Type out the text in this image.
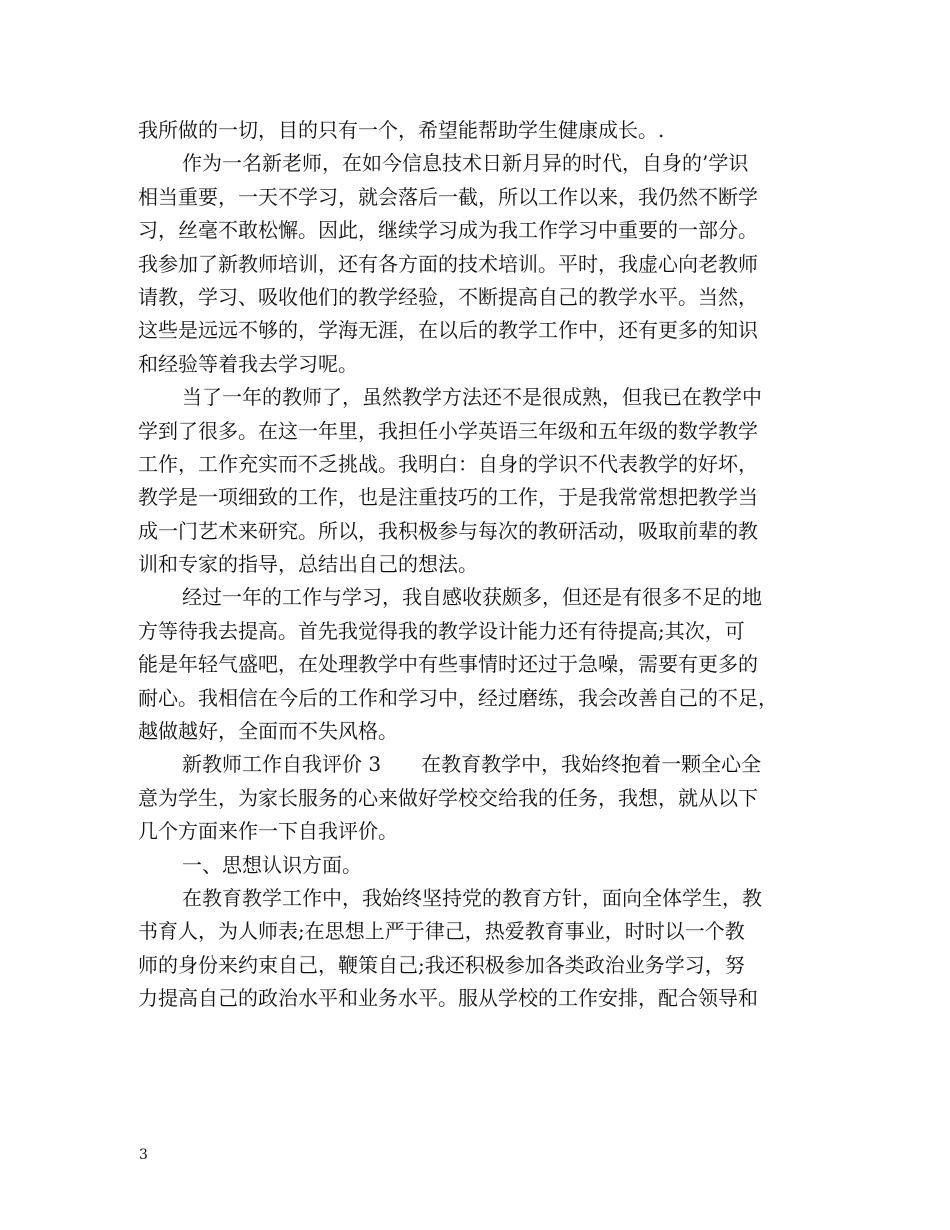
我所做的一切，目的只有一个，希望能帮助学生健康成长。.
作为一名新老师，在如今信息技术日新月异的时代，自身的’学识
相当重要，一天不学习，就会落后一截，所以工作以来，我仍然不断学
习，丝毫不敢松懈。因此，继续学习成为我工作学习中重要的一部分。
我参加了新教师培训，还有各方面的技术培训。平时，我虚心向老教师
请教，学习、吸收他们的教学经验，不断提高自己的教学水平。当然，
这些是远远不够的，学海无涯，在以后的教学工作中，还有更多的知识
和经验等着我去学习呢。
当了一年的教师了，虽然教学方法还不是很成熟，但我已在教学中
学到了很多。在这一年里，我担任小学英语三年级和五年级的数学教学
工作，工作充实而不乏挑战。我明白：自身的学识不代表教学的好坏，
教学是一项细致的工作，也是注重技巧的工作，于是我常常想把教学当
成一门艺术来研究。所以，我积极参与每次的教研活动，吸取前辈的教
训和专家的指导，总结出自己的想法。
经过一年的工作与学习，我自感收获颇多，但还是有很多不足的地
方等待我去提高。首先我觉得我的教学设计能力还有待提高;其次，可
能是年轻气盛吧，在处理教学中有些事情时还过于急噪，需要有更多的
耐心。我相信在今后的工作和学习中，经过磨练，我会改善自己的不足，
越做越好，全面而不失风格。
新教师工作自我评价 3　　在教育教学中，我始终抱着一颗全心全
意为学生，为家长服务的心来做好学校交给我的任务，我想，就从以下
几个方面来作一下自我评价。
一、思想认识方面。
在教育教学工作中，我始终坚持党的教育方针，面向全体学生，教
书育人，为人师表;在思想上严于律己，热爱教育事业，时时以一个教
师的身份来约束自己，鞭策自己;我还积极参加各类政治业务学习，努
力提高自己的政治水平和业务水平。服从学校的工作安排，配合领导和
3
